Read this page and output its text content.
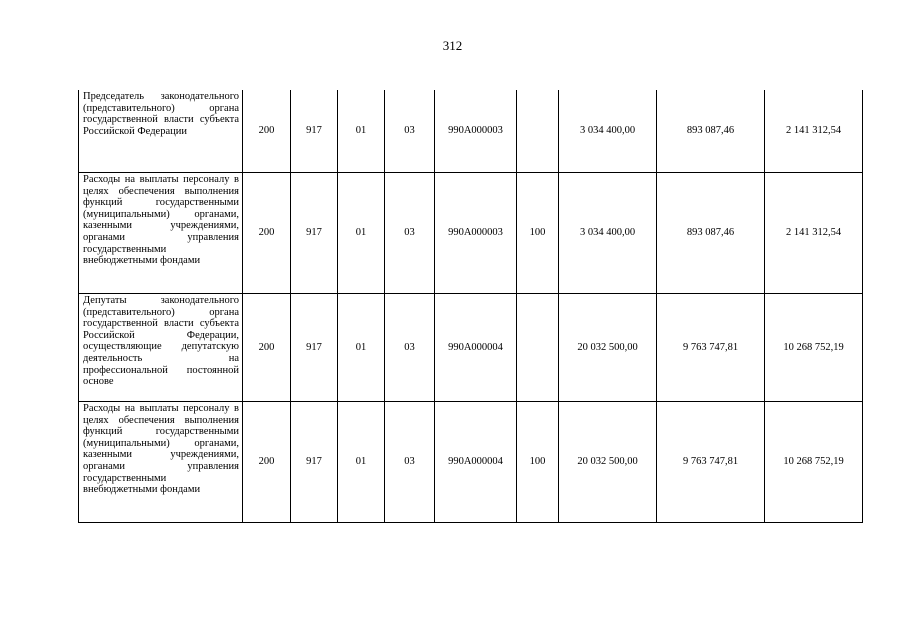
312
Председатель законодательного (представительного) органа государственной власти субъекта Российской Федерации	200	917	01	03	990А000003		3 034 400,00	893 087,46	2 141 312,54
Расходы на выплаты персоналу в целях обеспечения выполнения функций государственными (муниципальными) органами, казенными учреждениями, органами управления государственными внебюджетными фондами	200	917	01	03	990А000003	100	3 034 400,00	893 087,46	2 141 312,54
Депутаты законодательного (представительного) органа государственной власти субъекта Российской Федерации, осуществляющие депутатскую деятельность на профессиональной постоянной основе	200	917	01	03	990А000004		20 032 500,00	9 763 747,81	10 268 752,19
Расходы на выплаты персоналу в целях обеспечения выполнения функций государственными (муниципальными) органами, казенными учреждениями, органами управления государственными внебюджетными фондами	200	917	01	03	990А000004	100	20 032 500,00	9 763 747,81	10 268 752,19
